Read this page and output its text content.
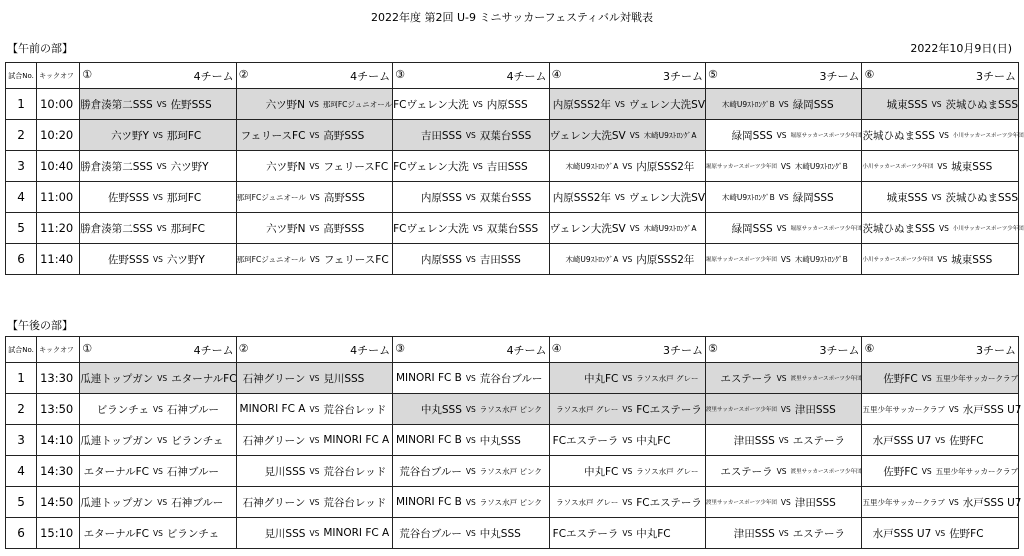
2022年度 第2回 U-9 ミニサッカーフェスティバル対戦表
【午前の部】	2022年10月9日(日)
試合No.	キックオフ	① 4チーム	② 4チーム	③ 4チーム	④ 3チーム	⑤ 3チーム	⑥ 3チーム

1	10:00	勝倉湊第二SSS VS 佐野SSS	六ツ野N VS 那珂FCジュニオール	FCヴェレン大洗 VS 内原SSS	内原SSS2年 VS ヴェレン大洗SV	木崎U9ｽﾄﾛﾝｸﾞB VS 緑岡SSS	城東SSS VS 茨城ひぬまSSS

2	10:20	六ツ野Y VS 那珂FC	フェリースFC VS 高野SSS	吉田SSS VS 双葉台SSS	ヴェレン大洗SV VS 木崎U9ｽﾄﾛﾝｸﾞA	緑岡SSS VS 堀原サッカースポーツ少年団	茨城ひぬまSSS VS 小川サッカースポーツ少年団

3	10:40	勝倉湊第二SSS VS 六ツ野Y	六ツ野N VS フェリースFC	FCヴェレン大洗 VS 吉田SSS	木崎U9ｽﾄﾛﾝｸﾞA VS 内原SSS2年	堀原サッカースポーツ少年団 VS 木崎U9ｽﾄﾛﾝｸﾞB	小川サッカースポーツ少年団 VS 城東SSS

4	11:00	佐野SSS VS 那珂FC	那珂FCジュニオール VS 高野SSS	内原SSS VS 双葉台SSS	内原SSS2年 VS ヴェレン大洗SV	木崎U9ｽﾄﾛﾝｸﾞB VS 緑岡SSS	城東SSS VS 茨城ひぬまSSS

5	11:20	勝倉湊第二SSS VS 那珂FC	六ツ野N VS 高野SSS	FCヴェレン大洗 VS 双葉台SSS	ヴェレン大洗SV VS 木崎U9ｽﾄﾛﾝｸﾞA	緑岡SSS VS 堀原サッカースポーツ少年団	茨城ひぬまSSS VS 小川サッカースポーツ少年団

6	11:40	佐野SSS VS 六ツ野Y	那珂FCジュニオール VS フェリースFC	内原SSS VS 吉田SSS	木崎U9ｽﾄﾛﾝｸﾞA VS 内原SSS2年	堀原サッカースポーツ少年団 VS 木崎U9ｽﾄﾛﾝｸﾞB	小川サッカースポーツ少年団 VS 城東SSS
【午後の部】
試合No.	キックオフ	① 4チーム	② 4チーム	③ 4チーム	④ 3チーム	⑤ 3チーム	⑥ 3チーム

1	13:30	瓜連トップガン VS エターナルFC	石神グリーン VS 見川SSS	MINORI FC B VS 荒谷台ブルー	中丸FC VS ラソス水戸 グレー	エステーラ VS 渡里サッカースポーツ少年団	佐野FC VS 五里少年サッカークラブ

2	13:50	ビランチェ VS 石神ブルー	MINORI FC A VS 荒谷台レッド	中丸SSS VS ラソス水戸 ピンク	ラソス水戸 グレー VS FCエステーラ	渡里サッカースポーツ少年団 VS 津田SSS	五里少年サッカークラブ VS 水戸SSS U7

3	14:10	瓜連トップガン VS ビランチェ	石神グリーン VS MINORI FC A	MINORI FC B VS 中丸SSS	FCエステーラ VS 中丸FC	津田SSS VS エステーラ	水戸SSS U7 VS 佐野FC

4	14:30	エターナルFC VS 石神ブルー	見川SSS VS 荒谷台レッド	荒谷台ブルー VS ラソス水戸 ピンク	中丸FC VS ラソス水戸 グレー	エステーラ VS 渡里サッカースポーツ少年団	佐野FC VS 五里少年サッカークラブ

5	14:50	瓜連トップガン VS 石神ブルー	石神グリーン VS 荒谷台レッド	MINORI FC B VS ラソス水戸 ピンク	ラソス水戸 グレー VS FCエステーラ	渡里サッカースポーツ少年団 VS 津田SSS	五里少年サッカークラブ VS 水戸SSS U7

6	15:10	エターナルFC VS ビランチェ	見川SSS VS MINORI FC A	荒谷台ブルー VS 中丸SSS	FCエステーラ VS 中丸FC	津田SSS VS エステーラ	水戸SSS U7 VS 佐野FC
